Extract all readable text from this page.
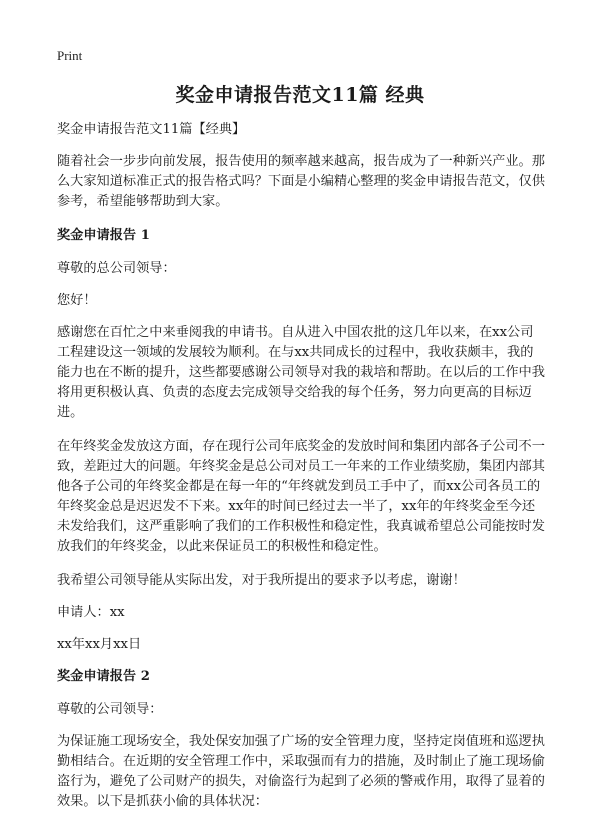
Print
奖金申请报告范文11篇 经典

奖金申请报告范文11篇【经典】

随着社会一步步向前发展，报告使用的频率越来越高，报告成为了一种新兴产业。那么大家知道标准正式的报告格式吗？下面是小编精心整理的奖金申请报告范文，仅供参考，希望能够帮助到大家。

奖金申请报告 1

尊敬的总公司领导：

您好！

感谢您在百忙之中来垂阅我的申请书。自从进入中国农批的这几年以来，在xx公司工程建设这一领域的发展较为顺利。在与xx共同成长的过程中，我收获颇丰，我的能力也在不断的提升，这些都要感谢公司领导对我的栽培和帮助。在以后的工作中我将用更积极认真、负责的态度去完成领导交给我的每个任务，努力向更高的目标迈进。

在年终奖金发放这方面，存在现行公司年底奖金的发放时间和集团内部各子公司不一致，差距过大的问题。年终奖金是总公司对员工一年来的工作业绩奖励，集团内部其他各子公司的年终奖金都是在每一年的“年终就发到员工手中了，而xx公司各员工的年终奖金总是迟迟发不下来。xx年的时间已经过去一半了，xx年的年终奖金至今还未发给我们，这严重影响了我们的工作积极性和稳定性，我真诚希望总公司能按时发放我们的年终奖金，以此来保证员工的积极性和稳定性。

我希望公司领导能从实际出发，对于我所提出的要求予以考虑，谢谢！

申请人：xx

xx年xx月xx日

奖金申请报告 2

尊敬的公司领导：

为保证施工现场安全，我处保安加强了广场的安全管理力度，坚持定岗值班和巡逻执勤相结合。在近期的安全管理工作中，采取强而有力的措施，及时制止了施工现场偷盗行为，避免了公司财产的损失，对偷盗行为起到了必须的警戒作用，取得了显着的效果。以下是抓获小偷的具体状况：
